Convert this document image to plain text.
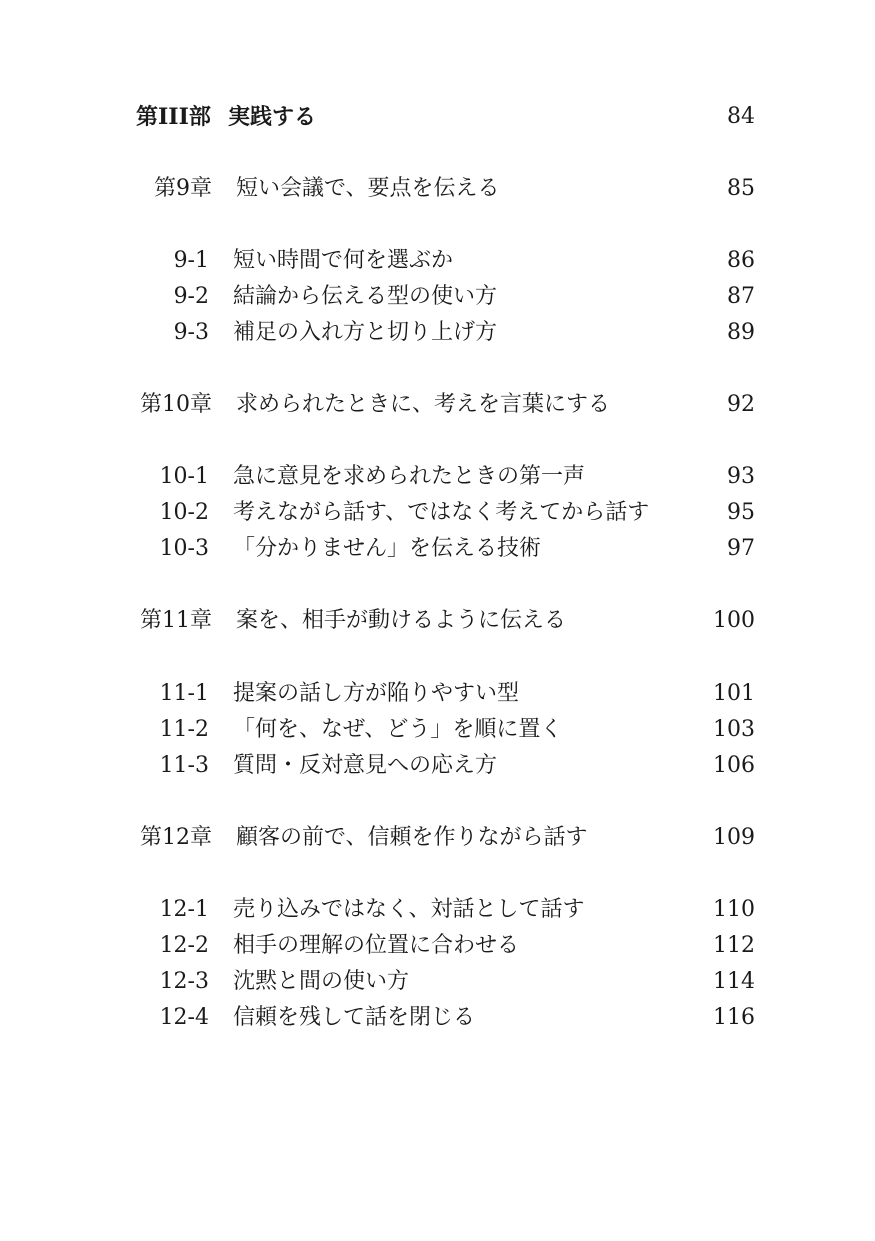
第III部 実践する	84
第9章 短い会議で、要点を伝える	85
9-1 短い時間で何を選ぶか	86
9-2 結論から伝える型の使い方	87
9-3 補足の入れ方と切り上げ方	89
第10章 求められたときに、考えを言葉にする	92
10-1 急に意見を求められたときの第一声	93
10-2 考えながら話す、ではなく考えてから話す	95
10-3 「分かりません」を伝える技術	97
第11章 案を、相手が動けるように伝える	100
11-1 提案の話し方が陥りやすい型	101
11-2 「何を、なぜ、どう」を順に置く	103
11-3 質問・反対意見への応え方	106
第12章 顧客の前で、信頼を作りながら話す	109
12-1 売り込みではなく、対話として話す	110
12-2 相手の理解の位置に合わせる	112
12-3 沈黙と間の使い方	114
12-4 信頼を残して話を閉じる	116
